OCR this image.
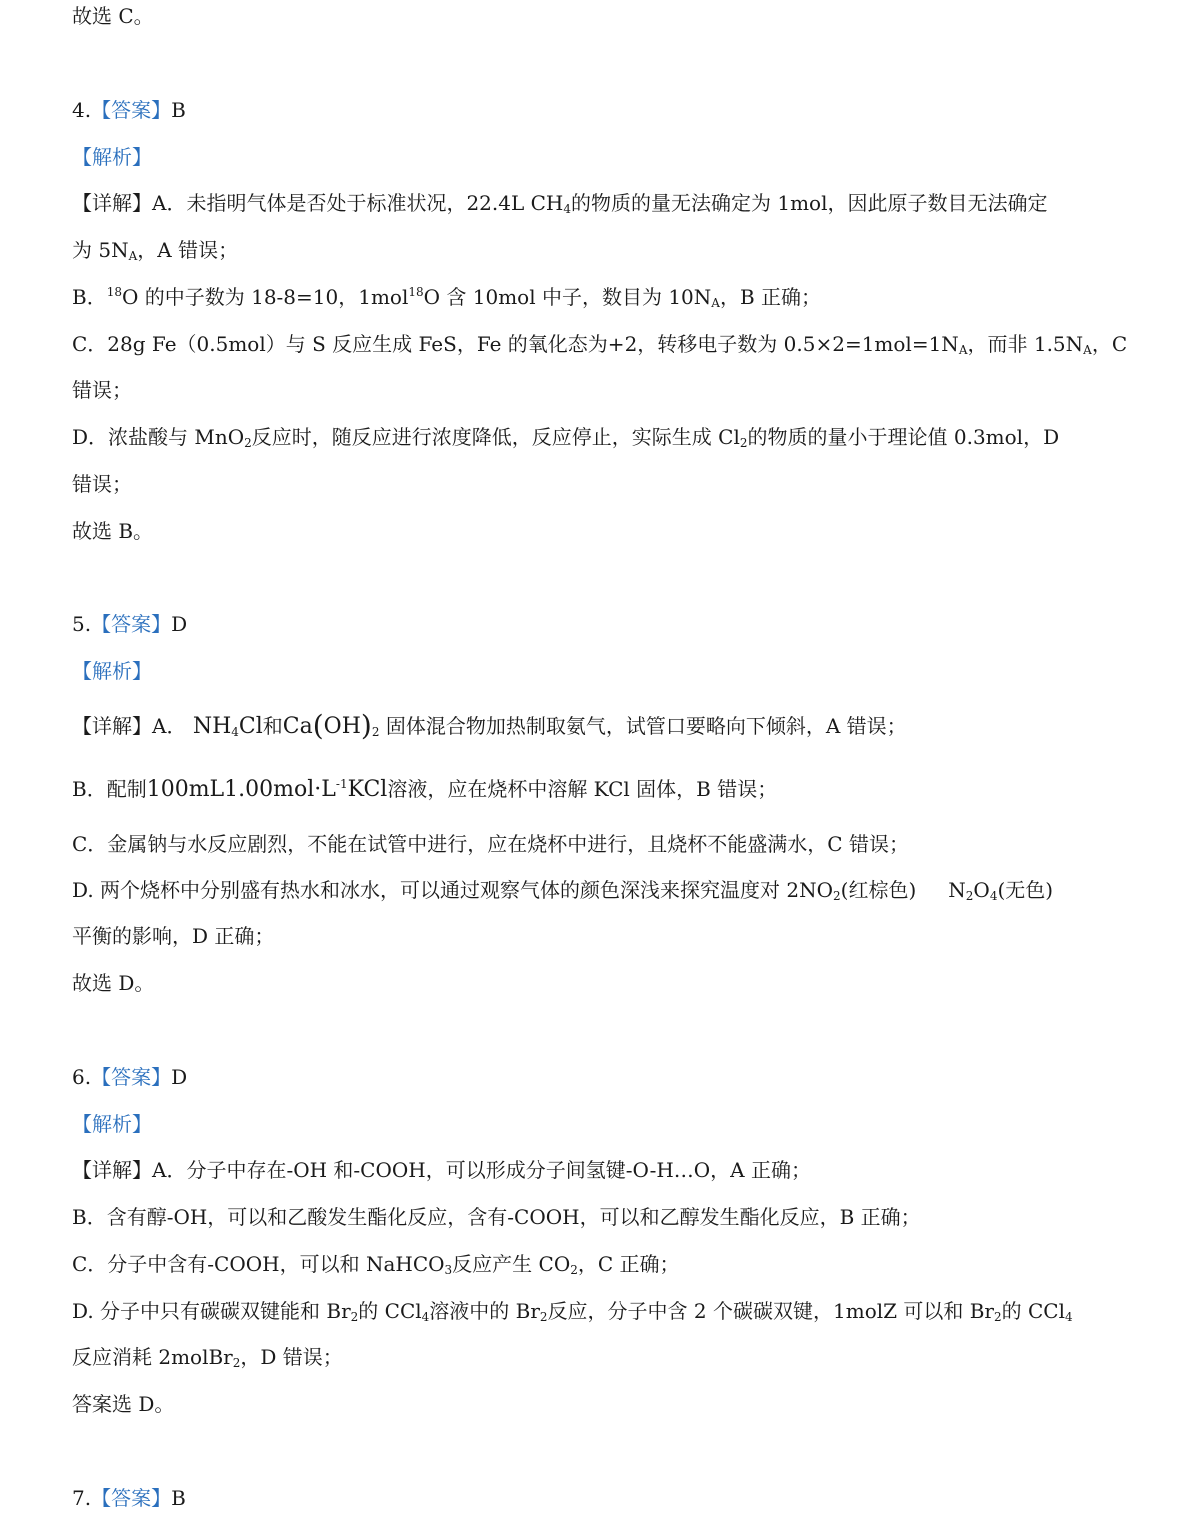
故选 C。
4.【答案】B
【解析】
【详解】A．未指明气体是否处于标准状况，22.4L $CH_4$的物质的量无法确定为 1mol，因此原子数目无法确定
为 $5N_A$，A 错误；
B．$^{18}$O 的中子数为 18-8=10，1mol$^{18}$O 含 10mol 中子，数目为 $10N_A$，B 正确；
C．28g Fe（0.5mol）与 S 反应生成 FeS，Fe 的氧化态为+2，转移电子数为 $0.5\times 2=1mol=1N_A$，而非 $1.5N_A$，C
错误；
D．浓盐酸与 MnO$_2$反应时，随反应进行浓度降低，反应停止，实际生成 $Cl_2$的物质的量小于理论值 0.3mol，D
错误；
故选 B。
5.【答案】D
【解析】
【详解】A． $NH_4Cl$和$Ca(OH)_2$ 固体混合物加热制取氨气，试管口要略向下倾斜，A 错误；
B．配制$100mL1.00mol\cdot L^{-1}KCl$溶液，应在烧杯中溶解 KCl 固体，B 错误；
C．金属钠与水反应剧烈，不能在试管中进行，应在烧杯中进行，且烧杯不能盛满水，C 错误；
D. 两个烧杯中分别盛有热水和冰水，可以通过观察气体的颜色深浅来探究温度对 $2NO_2$(红棕色) $N_2O_4$(无色)
平衡的影响，D 正确；
故选 D。
6.【答案】D
【解析】
【详解】A．分子中存在-OH 和-COOH，可以形成分子间氢键-O-H…O，A 正确；
B．含有醇-OH，可以和乙酸发生酯化反应，含有-COOH，可以和乙醇发生酯化反应，B 正确；
C．分子中含有-COOH，可以和 NaHCO$_3$反应产生 $CO_2$，C 正确；
D. 分子中只有碳碳双键能和 $Br_2$的 CCl$_4$溶液中的 $Br_2$反应，分子中含 2 个碳碳双键，1molZ 可以和 $Br_2$的 CCl$_4$
反应消耗 2molBr$_2$，D 错误；
答案选 D。
7.【答案】B
